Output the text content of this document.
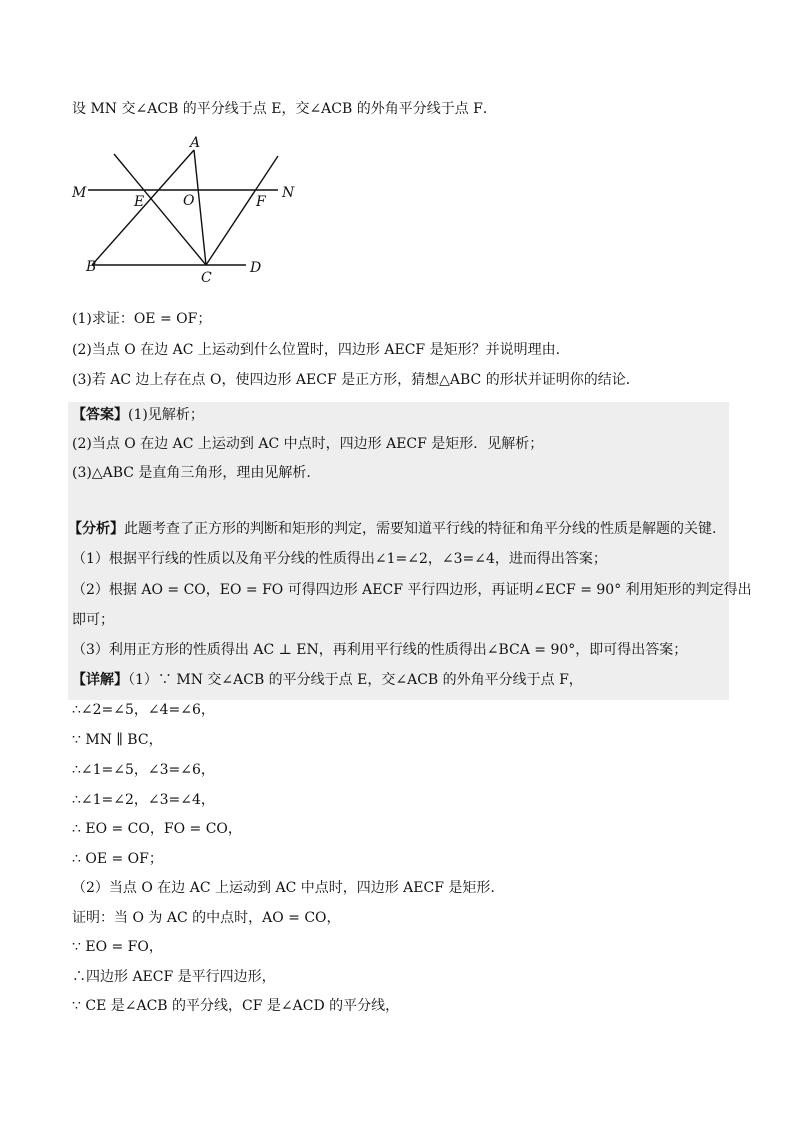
设 MN 交∠ACB 的平分线于点 E，交∠ACB 的外角平分线于点 F．
A
M
E	O	F
N
B
C
D
(1)求证：OE = OF；
(2)当点 O 在边 AC 上运动到什么位置时，四边形 AECF 是矩形？并说明理由.
(3)若 AC 边上存在点 O，使四边形 AECF 是正方形，猜想△ABC 的形状并证明你的结论．
【答案】(1)见解析；
(2)当点 O 在边 AC 上运动到 AC 中点时，四边形 AECF 是矩形．见解析；
(3)△ABC 是直角三角形，理由见解析.
【分析】此题考查了正方形的判断和矩形的判定，需要知道平行线的特征和角平分线的性质是解题的关键.
（1）根据平行线的性质以及角平分线的性质得出∠1=∠2，∠3=∠4，进而得出答案；
（2）根据 AO = CO，EO = FO 可得四边形 AECF 平行四边形，再证明∠ECF = 90° 利用矩形的判定得出
即可；
（3）利用正方形的性质得出 AC ⊥ EN，再利用平行线的性质得出∠BCA = 90°，即可得出答案；
【详解】（1）∵ MN 交∠ACB 的平分线于点 E，交∠ACB 的外角平分线于点 F，
∴∠2=∠5，∠4=∠6，
∵ MN ∥ BC，
∴∠1=∠5，∠3=∠6，
∴∠1=∠2，∠3=∠4，
∴ EO = CO，FO = CO，
∴ OE = OF；
（2）当点 O 在边 AC 上运动到 AC 中点时，四边形 AECF 是矩形.
证明：当 O 为 AC 的中点时，AO = CO，
∵ EO = FO，
∴四边形 AECF 是平行四边形，
∵ CE 是∠ACB 的平分线，CF 是∠ACD 的平分线，
